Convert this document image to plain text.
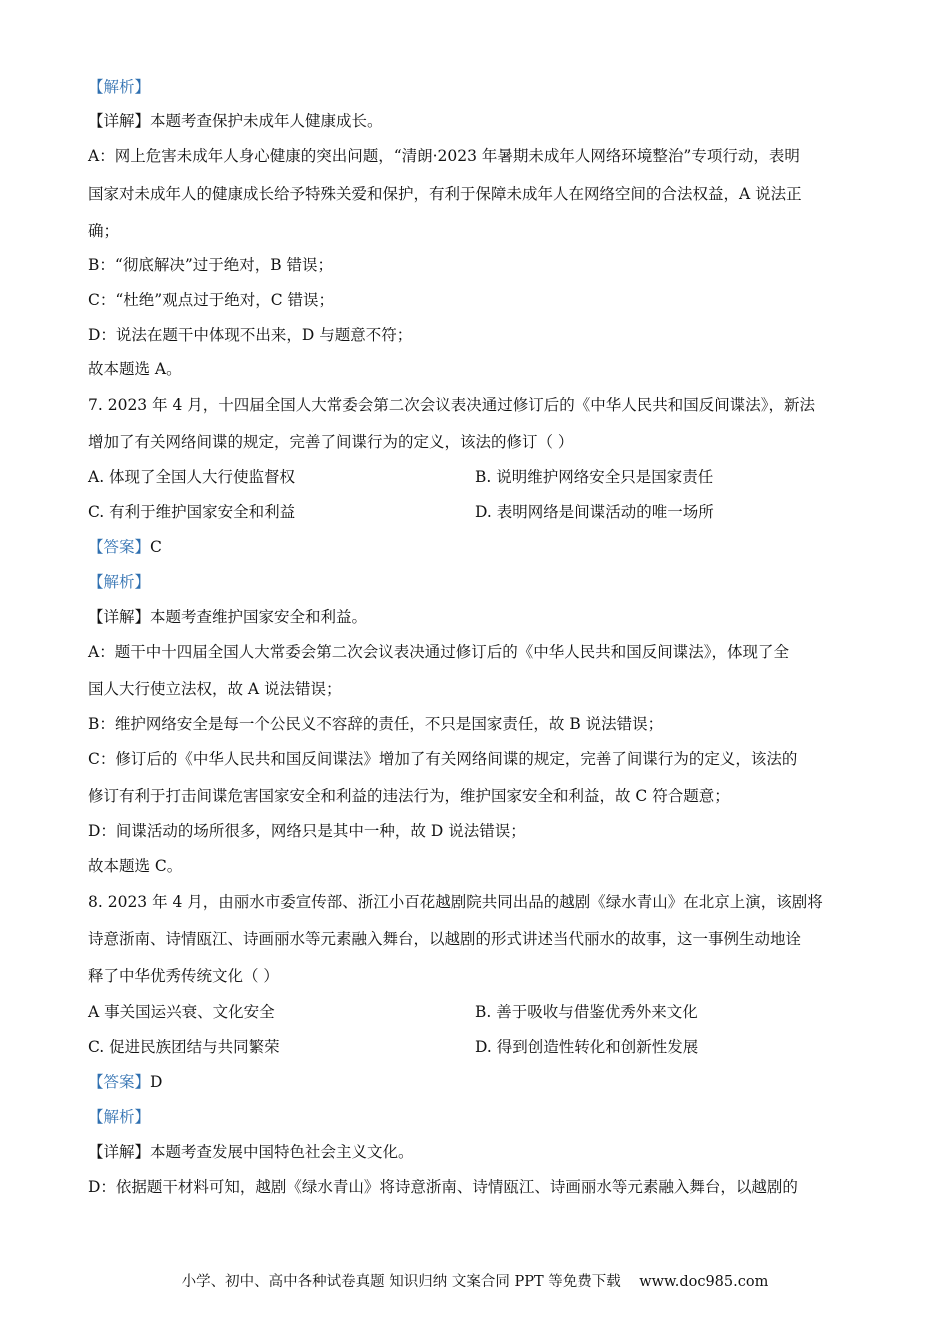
【解析】
【详解】本题考查保护未成年人健康成长。
A：网上危害未成年人身心健康的突出问题，“清朗·2023 年暑期未成年人网络环境整治”专项行动，表明
国家对未成年人的健康成长给予特殊关爱和保护，有利于保障未成年人在网络空间的合法权益，A 说法正
确；
B：“彻底解决”过于绝对，B 错误；
C：“杜绝”观点过于绝对，C 错误；
D：说法在题干中体现不出来，D 与题意不符；
故本题选 A。
7. 2023 年 4 月，十四届全国人大常委会第二次会议表决通过修订后的《中华人民共和国反间谍法》，新法
增加了有关网络间谍的规定，完善了间谍行为的定义，该法的修订（ ）
A. 体现了全国人大行使监督权	B. 说明维护网络安全只是国家责任
C. 有利于维护国家安全和利益	D. 表明网络是间谍活动的唯一场所
【答案】C
【解析】
【详解】本题考查维护国家安全和利益。
A：题干中十四届全国人大常委会第二次会议表决通过修订后的《中华人民共和国反间谍法》，体现了全
国人大行使立法权，故 A 说法错误；
B：维护网络安全是每一个公民义不容辞的责任，不只是国家责任，故 B 说法错误；
C：修订后的《中华人民共和国反间谍法》增加了有关网络间谍的规定，完善了间谍行为的定义，该法的
修订有利于打击间谍危害国家安全和利益的违法行为，维护国家安全和利益，故 C 符合题意；
D：间谍活动的场所很多，网络只是其中一种，故 D 说法错误；
故本题选 C。
8. 2023 年 4 月，由丽水市委宣传部、浙江小百花越剧院共同出品的越剧《绿水青山》在北京上演，该剧将
诗意浙南、诗情瓯江、诗画丽水等元素融入舞台，以越剧的形式讲述当代丽水的故事，这一事例生动地诠
释了中华优秀传统文化（ ）
A 事关国运兴衰、文化安全	B. 善于吸收与借鉴优秀外来文化
C. 促进民族团结与共同繁荣	D. 得到创造性转化和创新性发展
【答案】D
【解析】
【详解】本题考查发展中国特色社会主义文化。
D：依据题干材料可知，越剧《绿水青山》将诗意浙南、诗情瓯江、诗画丽水等元素融入舞台，以越剧的
小学、初中、高中各种试卷真题 知识归纳 文案合同 PPT 等免费下载 www.doc985.com
